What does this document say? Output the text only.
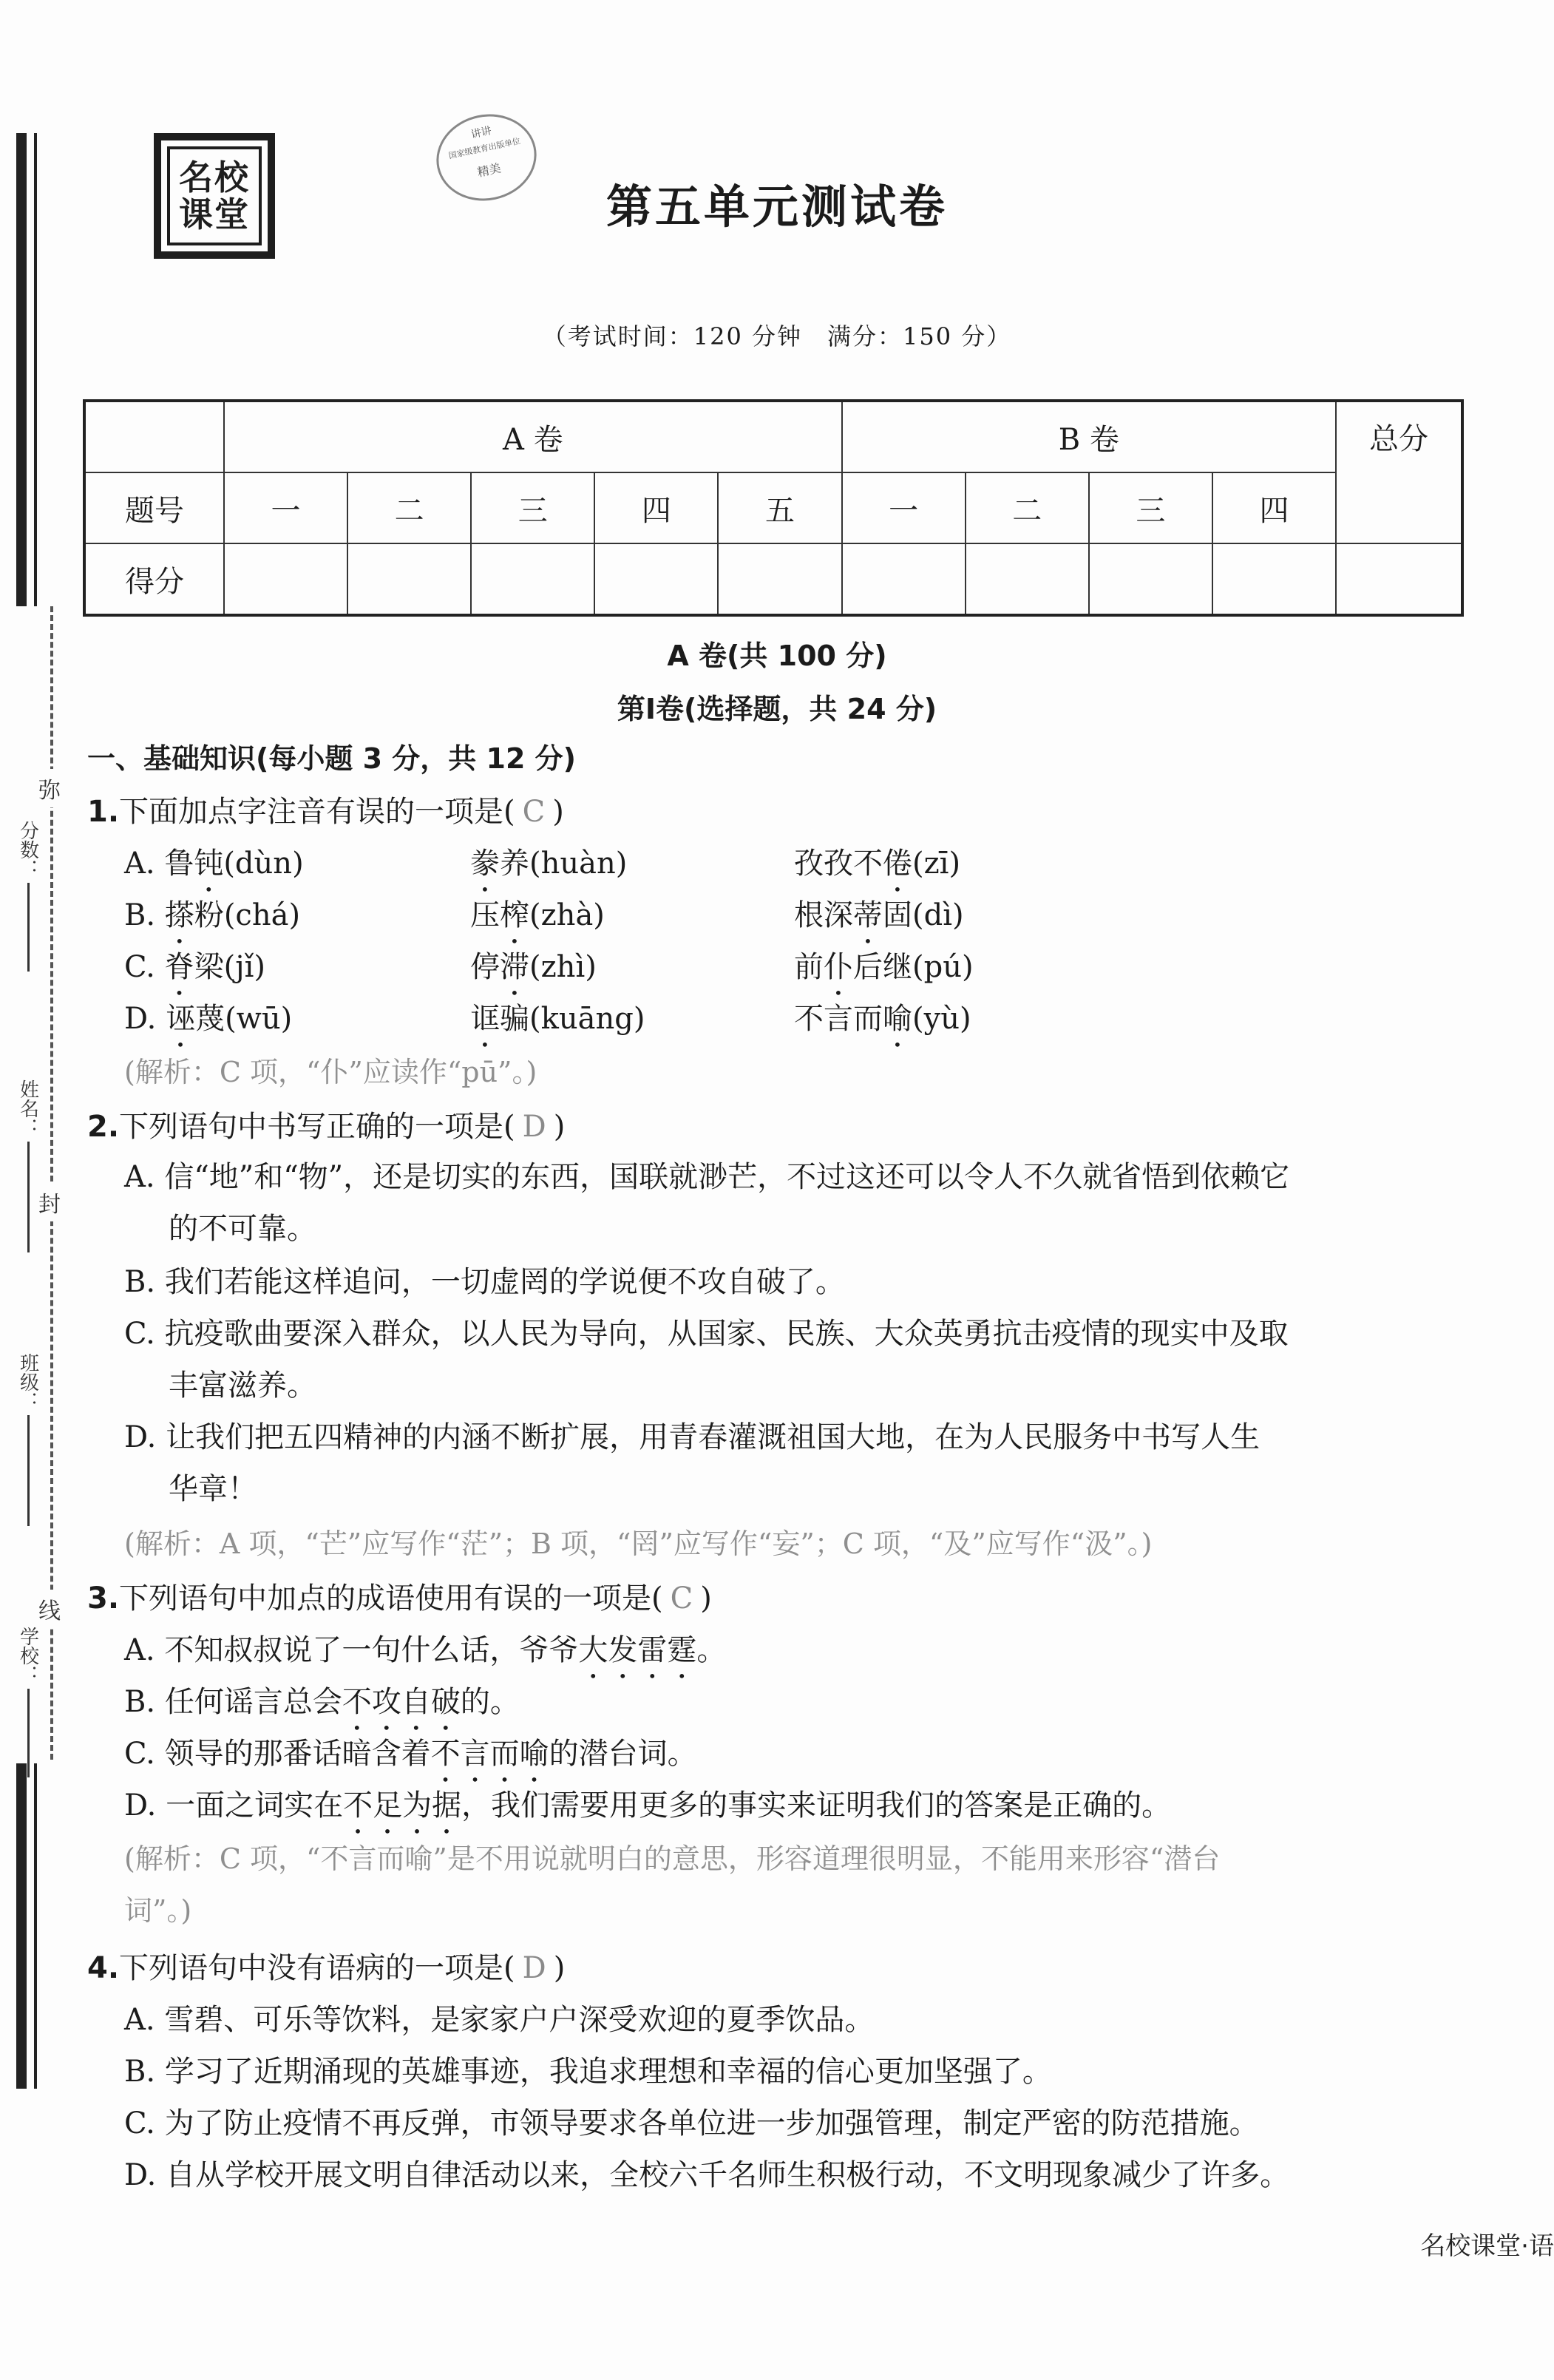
分数：
姓名：
班级：
学校：
弥
封
线
名校
课堂
讲讲
国家级教育出版单位
精美
第五单元测试卷
（考试时间：120 分钟　满分：150 分）
	A 卷					B 卷				总分
题号	一	二	三	四	五	一	二	三	四	
得分										
A 卷(共 100 分)
第Ⅰ卷(选择题，共 24 分)
一、基础知识(每小题 3 分，共 12 分)
1.下面加点字注音有误的一项是( C )
A. 鲁钝(dùn)	豢养(huàn)	孜孜不倦(zī)
B. 搽粉(chá)	压榨(zhà)	根深蒂固(dì)
C. 脊梁(jǐ)	停滞(zhì)	前仆后继(pú)
D. 诬蔑(wū)	诓骗(kuāng)	不言而喻(yù)
(解析：C 项，“仆”应读作“pū”。)
2.下列语句中书写正确的一项是( D )
A. 信“地”和“物”，还是切实的东西，国联就渺芒，不过这还可以令人不久就省悟到依赖它
的不可靠。
B. 我们若能这样追问，一切虚罔的学说便不攻自破了。
C. 抗疫歌曲要深入群众，以人民为导向，从国家、民族、大众英勇抗击疫情的现实中及取
丰富滋养。
D. 让我们把五四精神的内涵不断扩展，用青春灌溉祖国大地，在为人民服务中书写人生
华章！
(解析：A 项，“芒”应写作“茫”；B 项，“罔”应写作“妄”；C 项，“及”应写作“汲”。)
3.下列语句中加点的成语使用有误的一项是( C )
A. 不知叔叔说了一句什么话，爷爷大发雷霆。
B. 任何谣言总会不攻自破的。
C. 领导的那番话暗含着不言而喻的潜台词。
D. 一面之词实在不足为据，我们需要用更多的事实来证明我们的答案是正确的。
(解析：C 项，“不言而喻”是不用说就明白的意思，形容道理很明显，不能用来形容“潜台
词”。)
4.下列语句中没有语病的一项是( D )
A. 雪碧、可乐等饮料，是家家户户深受欢迎的夏季饮品。
B. 学习了近期涌现的英雄事迹，我追求理想和幸福的信心更加坚强了。
C. 为了防止疫情不再反弹，市领导要求各单位进一步加强管理，制定严密的防范措施。
D. 自从学校开展文明自律活动以来，全校六千名师生积极行动，不文明现象减少了许多。
名校课堂·语
